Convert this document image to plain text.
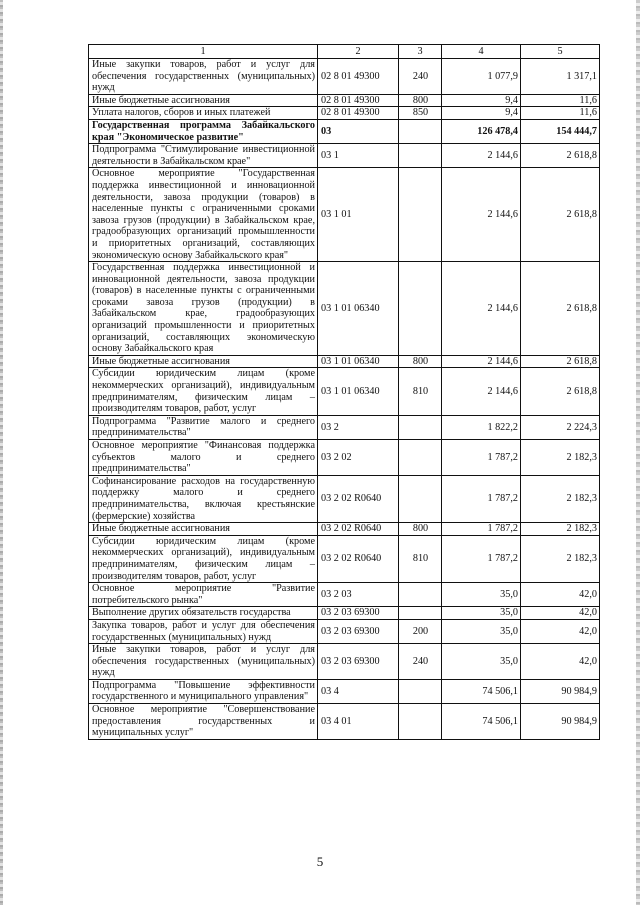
1	2	3	4	5
Иные закупки товаров, работ и услуг для обеспечения государственных (муниципальных) нужд	02 8 01 49300	240	1 077,9	1 317,1
Иные бюджетные ассигнования	02 8 01 49300	800	9,4	11,6
Уплата налогов, сборов и иных платежей	02 8 01 49300	850	9,4	11,6
Государственная программа Забайкальского края "Экономическое развитие"	03		126 478,4	154 444,7
Подпрограмма "Стимулирование инвестиционной деятельности в Забайкальском крае"	03 1		2 144,6	2 618,8
Основное мероприятие "Государственная поддержка инвестиционной и инновационной деятельности, завоза продукции (товаров) в населенные пункты с ограниченными сроками завоза грузов (продукции) в Забайкальском крае, градообразующих организаций промышленности и приоритетных организаций, составляющих экономическую основу Забайкальского края"	03 1 01		2 144,6	2 618,8
Государственная поддержка инвестиционной и инновационной деятельности, завоза продукции (товаров) в населенные пункты с ограниченными сроками завоза грузов (продукции) в Забайкальском крае, градообразующих организаций промышленности и приоритетных организаций, составляющих экономическую основу Забайкальского края	03 1 01 06340		2 144,6	2 618,8
Иные бюджетные ассигнования	03 1 01 06340	800	2 144,6	2 618,8
Субсидии юридическим лицам (кроме некоммерческих организаций), индивидуальным предпринимателям, физическим лицам – производителям товаров, работ, услуг	03 1 01 06340	810	2 144,6	2 618,8
Подпрограмма "Развитие малого и среднего предпринимательства"	03 2		1 822,2	2 224,3
Основное мероприятие "Финансовая поддержка субъектов малого и среднего предпринимательства"	03 2 02		1 787,2	2 182,3
Софинансирование расходов на государственную поддержку малого и среднего предпринимательства, включая крестьянские (фермерские) хозяйства	03 2 02 R0640		1 787,2	2 182,3
Иные бюджетные ассигнования	03 2 02 R0640	800	1 787,2	2 182,3
Субсидии юридическим лицам (кроме некоммерческих организаций), индивидуальным предпринимателям, физическим лицам – производителям товаров, работ, услуг	03 2 02 R0640	810	1 787,2	2 182,3
Основное мероприятие "Развитие потребительского рынка"	03 2 03		35,0	42,0
Выполнение других обязательств государства	03 2 03 69300		35,0	42,0
Закупка товаров, работ и услуг для обеспечения государственных (муниципальных) нужд	03 2 03 69300	200	35,0	42,0
Иные закупки товаров, работ и услуг для обеспечения государственных (муниципальных) нужд	03 2 03 69300	240	35,0	42,0
Подпрограмма "Повышение эффективности государственного и муниципального управления"	03 4		74 506,1	90 984,9
Основное мероприятие "Совершенствование предоставления государственных и муниципальных услуг"	03 4 01		74 506,1	90 984,9
5
